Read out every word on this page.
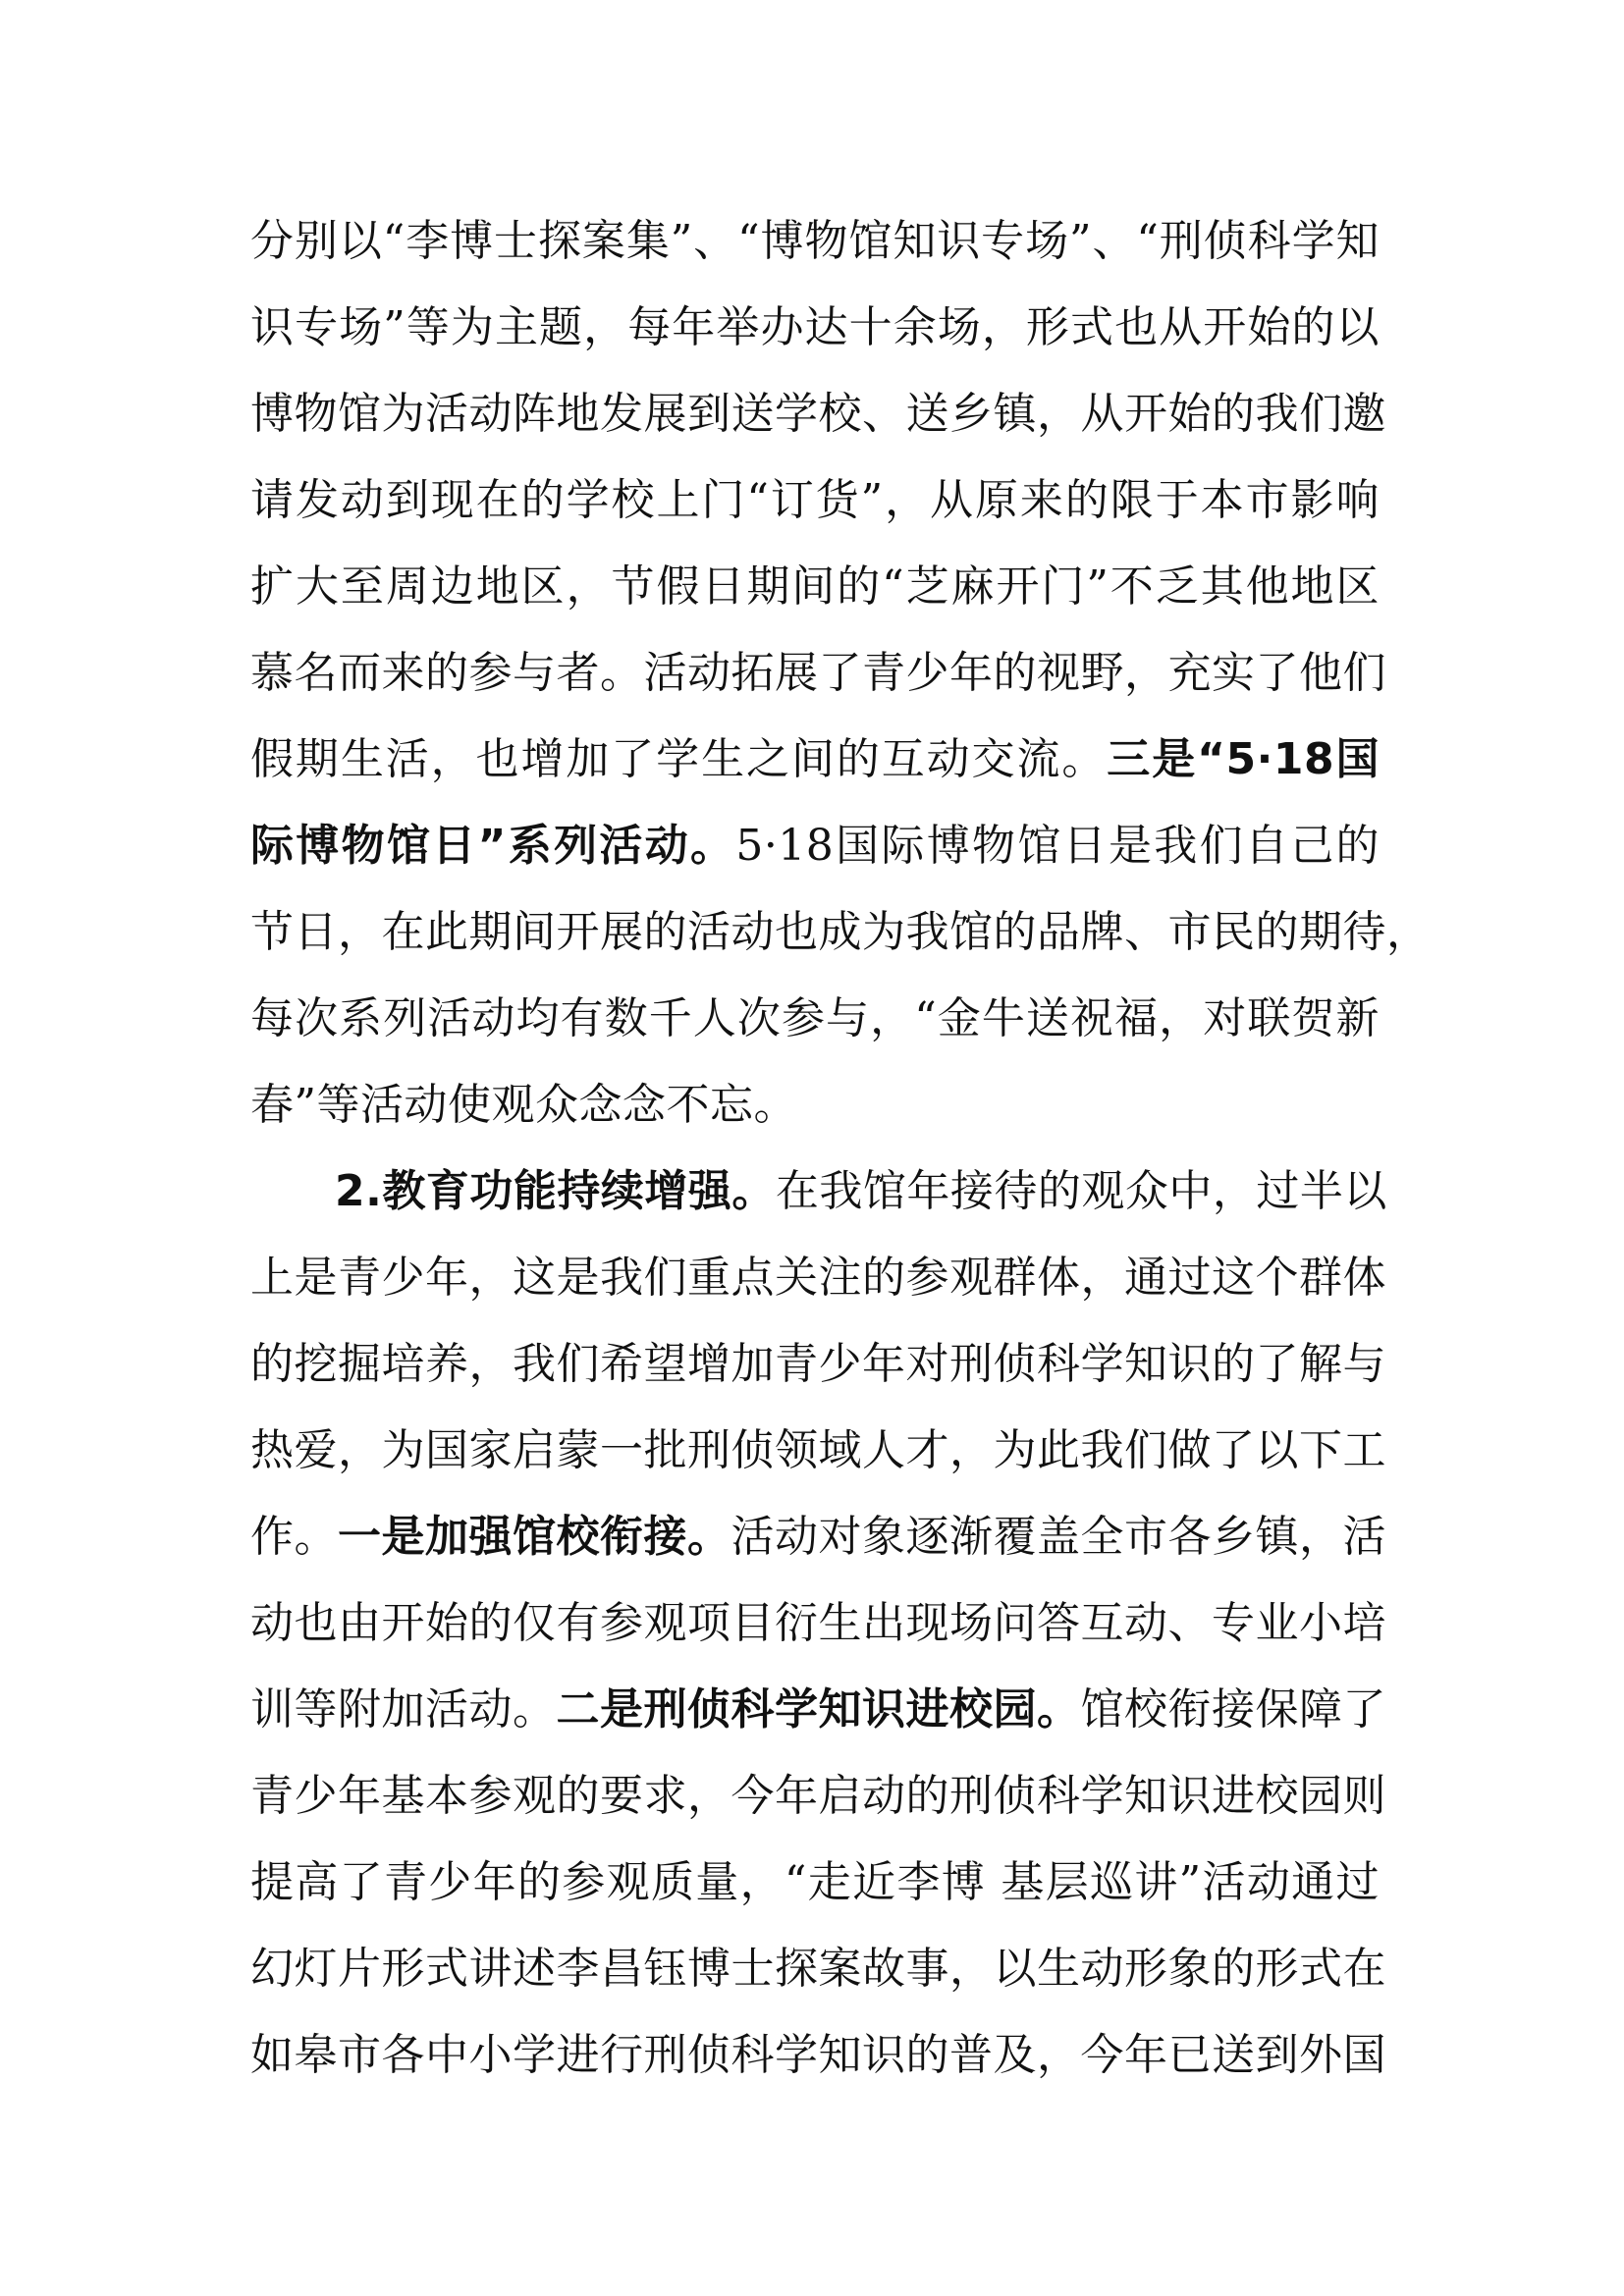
分别以“李博士探案集”、“博物馆知识专场”、“刑侦科学知
识专场”等为主题，每年举办达十余场，形式也从开始的以
博物馆为活动阵地发展到送学校、送乡镇，从开始的我们邀
请发动到现在的学校上门“订货”，从原来的限于本市影响
扩大至周边地区，节假日期间的“芝麻开门”不乏其他地区
慕名而来的参与者。活动拓展了青少年的视野，充实了他们
假期生活，也增加了学生之间的互动交流。三是“5·18国
际博物馆日”系列活动。5·18国际博物馆日是我们自己的
节日，在此期间开展的活动也成为我馆的品牌、市民的期待，
每次系列活动均有数千人次参与，“金牛送祝福，对联贺新
春”等活动使观众念念不忘。
2.教育功能持续增强。在我馆年接待的观众中，过半以
上是青少年，这是我们重点关注的参观群体，通过这个群体
的挖掘培养，我们希望增加青少年对刑侦科学知识的了解与
热爱，为国家启蒙一批刑侦领域人才，为此我们做了以下工
作。一是加强馆校衔接。活动对象逐渐覆盖全市各乡镇，活
动也由开始的仅有参观项目衍生出现场问答互动、专业小培
训等附加活动。二是刑侦科学知识进校园。馆校衔接保障了
青少年基本参观的要求，今年启动的刑侦科学知识进校园则
提高了青少年的参观质量，“走近李博 基层巡讲”活动通过
幻灯片形式讲述李昌钰博士探案故事，以生动形象的形式在
如皋市各中小学进行刑侦科学知识的普及，今年已送到外国
